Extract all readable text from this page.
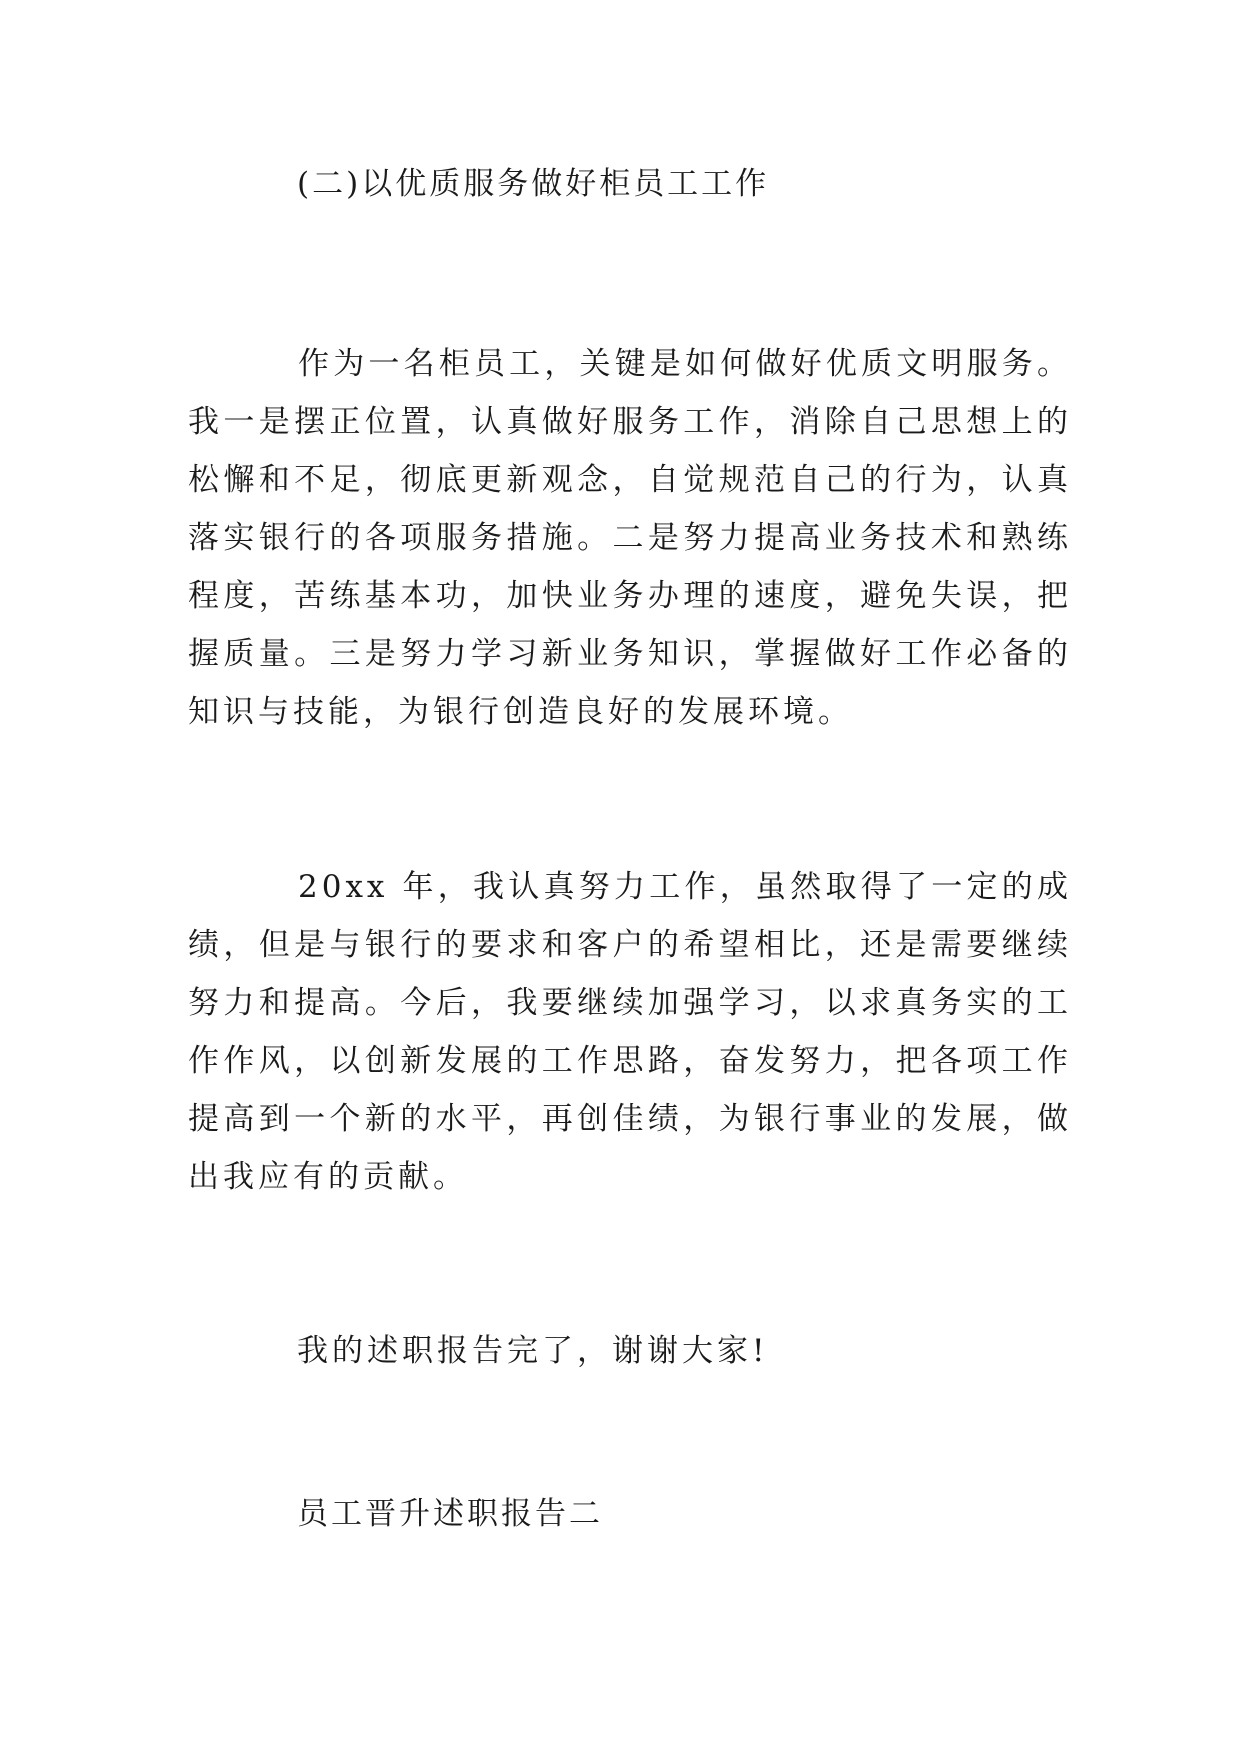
(二)以优质服务做好柜员工工作

作为一名柜员工，关键是如何做好优质文明服务。我一是摆正位置，认真做好服务工作，消除自己思想上的松懈和不足，彻底更新观念，自觉规范自己的行为，认真落实银行的各项服务措施。二是努力提高业务技术和熟练程度，苦练基本功，加快业务办理的速度，避免失误，把握质量。三是努力学习新业务知识，掌握做好工作必备的知识与技能，为银行创造良好的发展环境。

20xx 年，我认真努力工作，虽然取得了一定的成绩，但是与银行的要求和客户的希望相比，还是需要继续努力和提高。今后，我要继续加强学习，以求真务实的工作作风，以创新发展的工作思路，奋发努力，把各项工作提高到一个新的水平，再创佳绩，为银行事业的发展，做出我应有的贡献。

我的述职报告完了，谢谢大家!

员工晋升述职报告二
